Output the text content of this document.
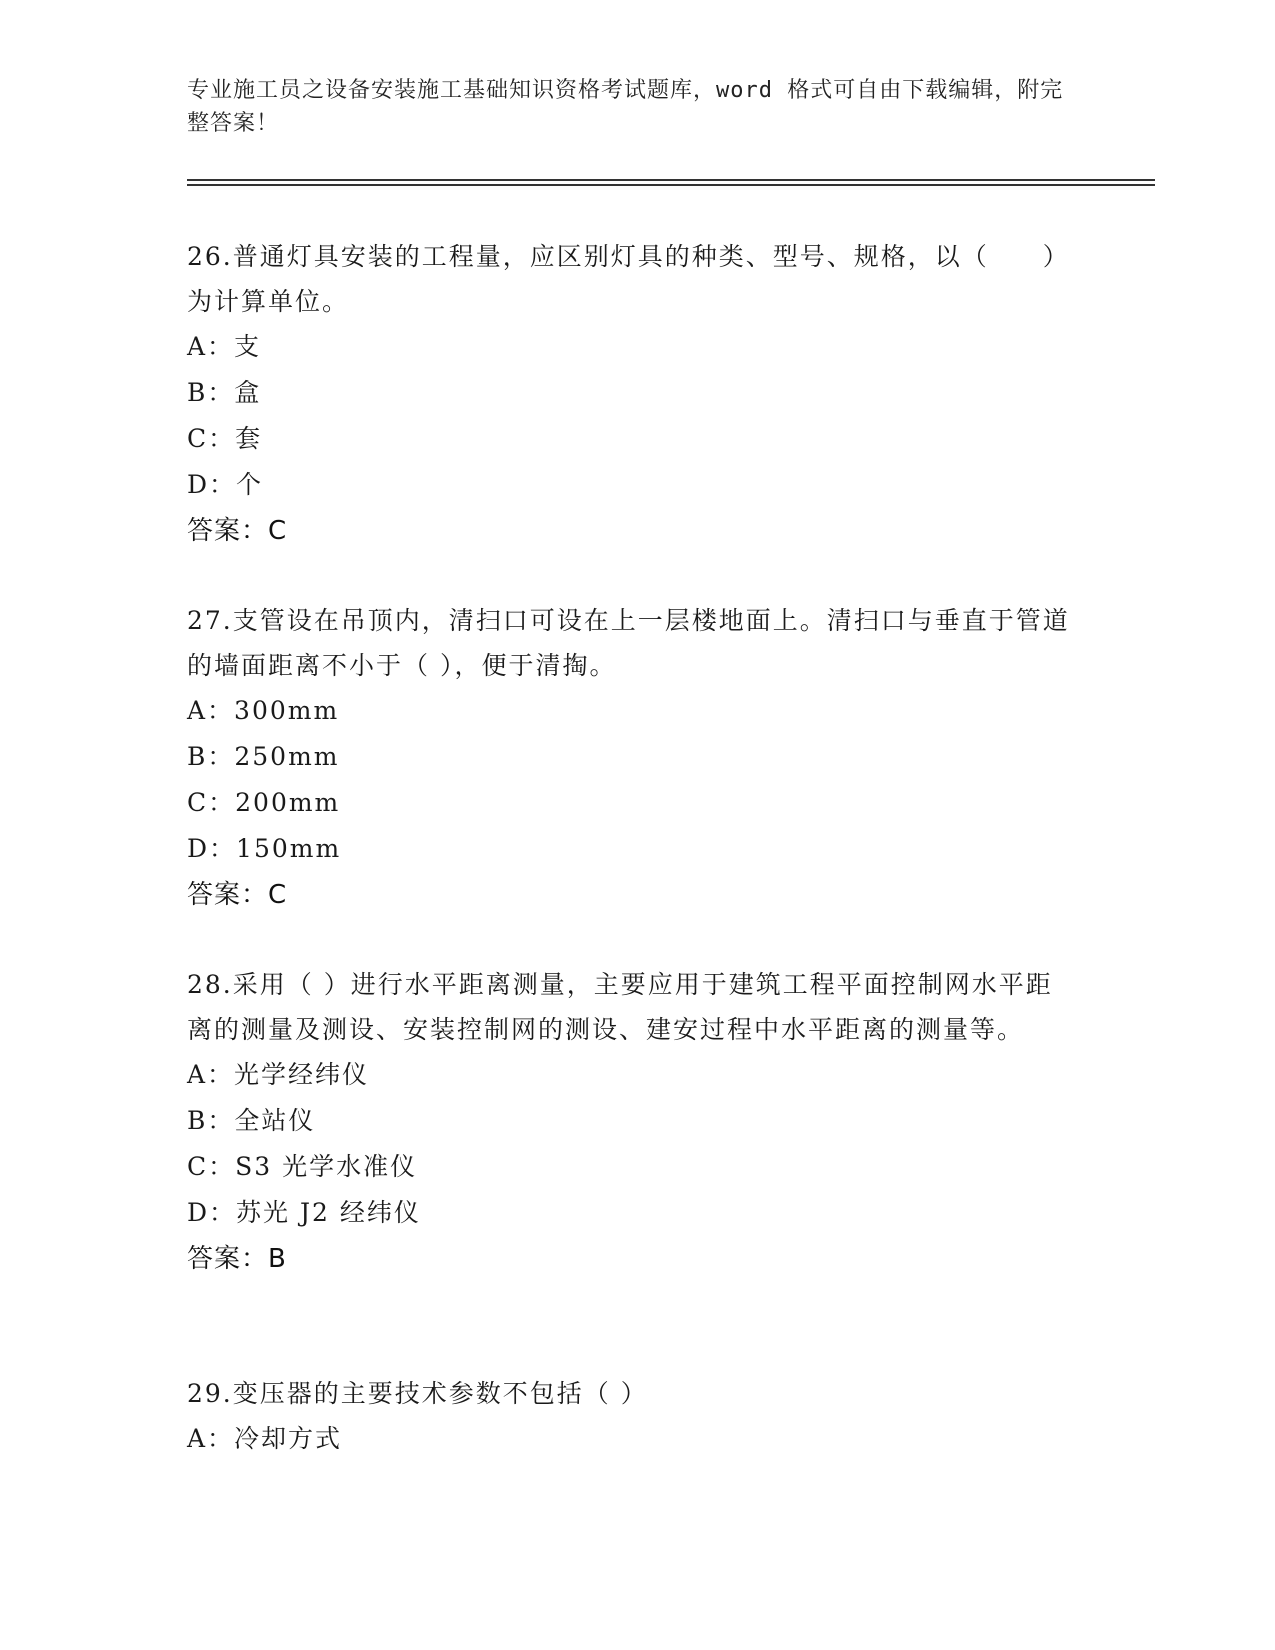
专业施工员之设备安装施工基础知识资格考试题库，word 格式可自由下载编辑，附完整答案！
26.普通灯具安装的工程量，应区别灯具的种类、型号、规格，以（　　）为计算单位。
A：支
B：盒
C：套
D：个
答案：C
27.支管设在吊顶内，清扫口可设在上一层楼地面上。清扫口与垂直于管道的墙面距离不小于（ ），便于清掏。
A：300mm
B：250mm
C：200mm
D：150mm
答案：C
28.采用（ ）进行水平距离测量，主要应用于建筑工程平面控制网水平距离的测量及测设、安装控制网的测设、建安过程中水平距离的测量等。
A：光学经纬仪
B：全站仪
C：S3 光学水准仪
D：苏光 J2 经纬仪
答案：B
29.变压器的主要技术参数不包括（ ）
A：冷却方式
